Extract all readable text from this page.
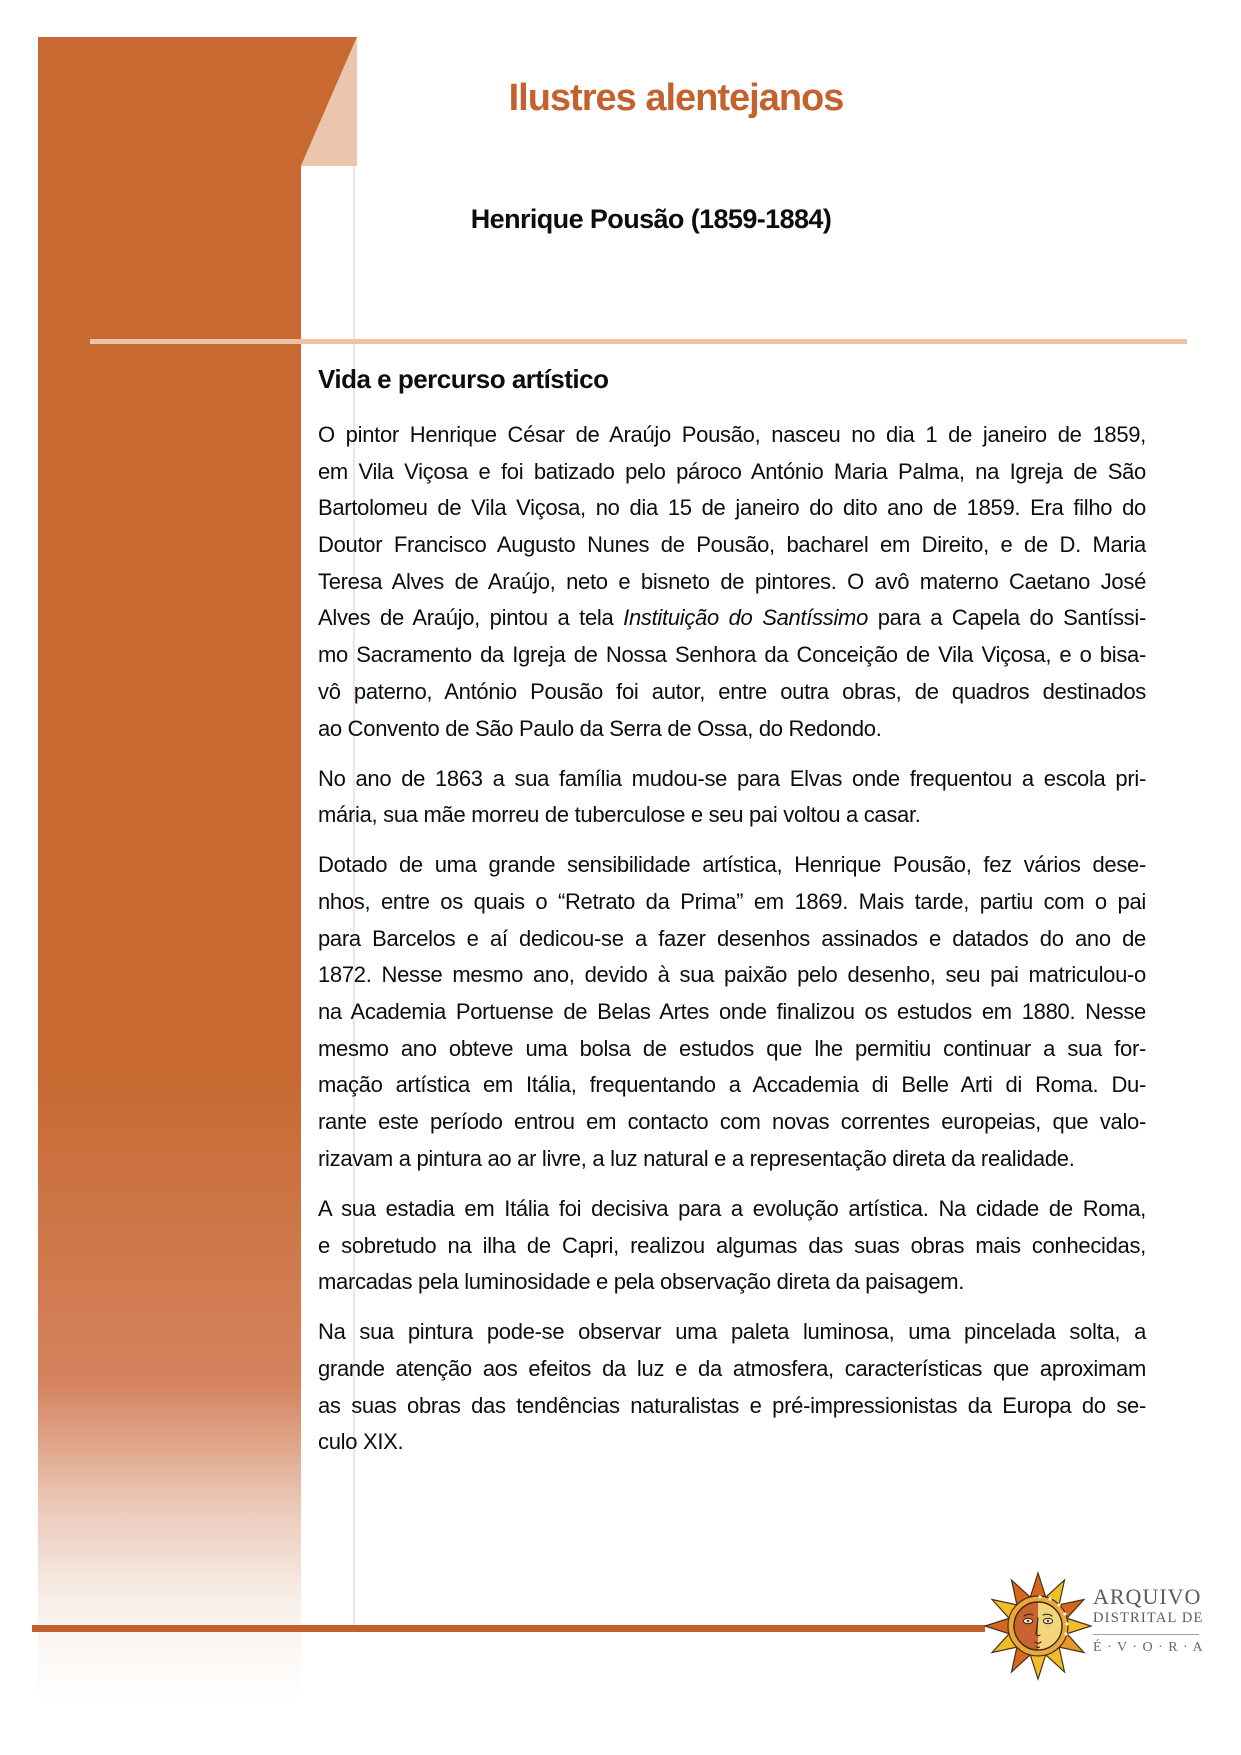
Ilustres alentejanos
Henrique Pousão (1859-1884)
Vida e percurso artístico
O pintor Henrique César de Araújo Pousão, nasceu no dia 1 de janeiro de 1859,
em Vila Viçosa e foi batizado pelo pároco António Maria Palma, na Igreja de São
Bartolomeu de Vila Viçosa, no dia 15 de janeiro do dito ano de 1859. Era filho do
Doutor Francisco Augusto Nunes de Pousão, bacharel em Direito, e de D. Maria
Teresa Alves de Araújo, neto e bisneto de pintores. O avô materno Caetano José
Alves de Araújo, pintou a tela Instituição do Santíssimo para a Capela do Santíssi-
mo Sacramento da Igreja de Nossa Senhora da Conceição de Vila Viçosa, e o bisa-
vô paterno, António Pousão foi autor, entre outra obras, de quadros destinados
ao Convento de São Paulo da Serra de Ossa, do Redondo.
No ano de 1863 a sua família mudou-se para Elvas onde frequentou a escola pri-
mária, sua mãe morreu de tuberculose e seu pai voltou a casar.
Dotado de uma grande sensibilidade artística, Henrique Pousão, fez vários dese-
nhos, entre os quais o “Retrato da Prima” em 1869. Mais tarde, partiu com o pai
para Barcelos e aí dedicou-se a fazer desenhos assinados e datados do ano de
1872. Nesse mesmo ano, devido à sua paixão pelo desenho, seu pai matriculou-o
na Academia Portuense de Belas Artes onde finalizou os estudos em 1880. Nesse
mesmo ano obteve uma bolsa de estudos que lhe permitiu continuar a sua for-
mação artística em Itália, frequentando a Accademia di Belle Arti di Roma. Du-
rante este período entrou em contacto com novas correntes europeias, que valo-
rizavam a pintura ao ar livre, a luz natural e a representação direta da realidade.
A sua estadia em Itália foi decisiva para a evolução artística. Na cidade de Roma,
e sobretudo na ilha de Capri, realizou algumas das suas obras mais conhecidas,
marcadas pela luminosidade e pela observação direta da paisagem.
Na sua pintura pode-se observar uma paleta luminosa, uma pincelada solta, a
grande atenção aos efeitos da luz e da atmosfera, características que aproximam
as suas obras das tendências naturalistas e pré-impressionistas da Europa do se-
culo XIX.
ARQUIVO
DISTRITAL DE
É · V · O · R · A
